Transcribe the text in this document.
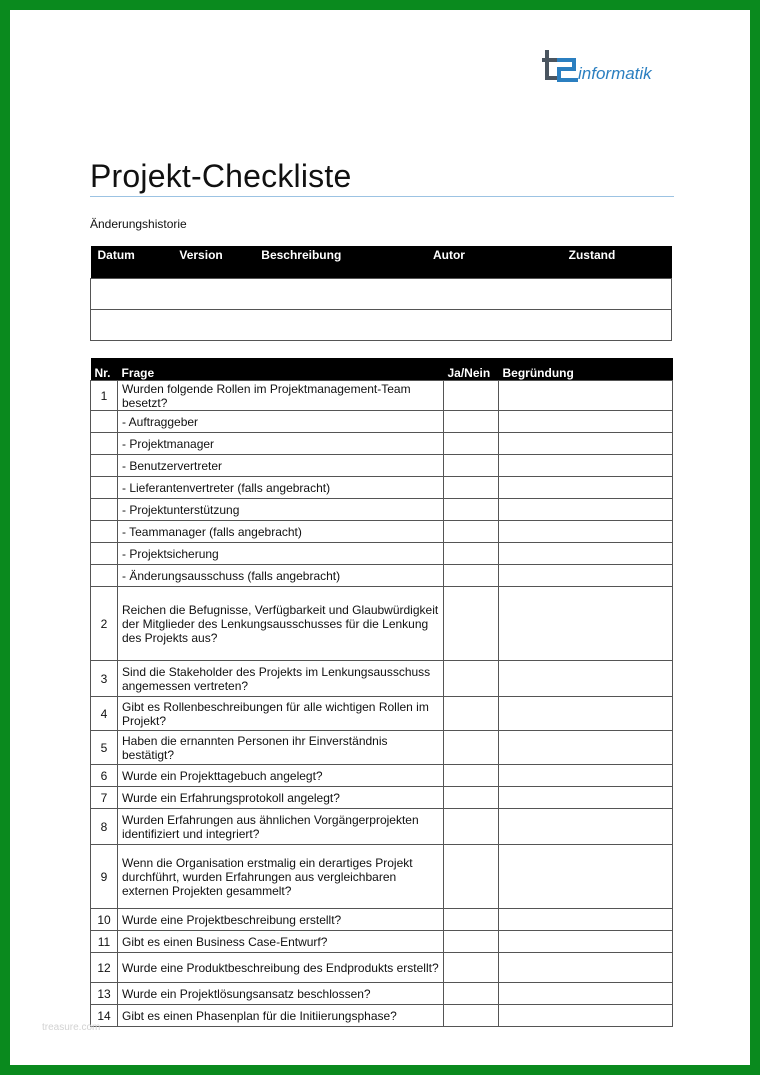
informatik
Projekt-Checkliste
Änderungshistorie
Datum	Version	Beschreibung	Autor	Zustand

Nr.	Frage	Ja/Nein	Begründung
1	Wurden folgende Rollen im Projektmanagement-Team besetzt?		
	- Auftraggeber		
	- Projektmanager		
	- Benutzervertreter		
	- Lieferantenvertreter (falls angebracht)		
	- Projektunterstützung		
	- Teammanager (falls angebracht)		
	- Projektsicherung		
	- Änderungsausschuss (falls angebracht)		
2	Reichen die Befugnisse, Verfügbarkeit und Glaubwürdigkeit der Mitglieder des Lenkungsausschusses für die Lenkung des Projekts aus?		
3	Sind die Stakeholder des Projekts im Lenkungsausschuss angemessen vertreten?		
4	Gibt es Rollenbeschreibungen für alle wichtigen Rollen im Projekt?		
5	Haben die ernannten Personen ihr Einverständnis bestätigt?		
6	Wurde ein Projekttagebuch angelegt?		
7	Wurde ein Erfahrungsprotokoll angelegt?		
8	Wurden Erfahrungen aus ähnlichen Vorgängerprojekten identifiziert und integriert?		
9	Wenn die Organisation erstmalig ein derartiges Projekt durchführt, wurden Erfahrungen aus vergleichbaren externen Projekten gesammelt?		
10	Wurde eine Projektbeschreibung erstellt?		
11	Gibt es einen Business Case-Entwurf?		
12	Wurde eine Produktbeschreibung des Endprodukts erstellt?		
13	Wurde ein Projektlösungsansatz beschlossen?		
14	Gibt es einen Phasenplan für die Initiierungsphase?		
treasure.com
